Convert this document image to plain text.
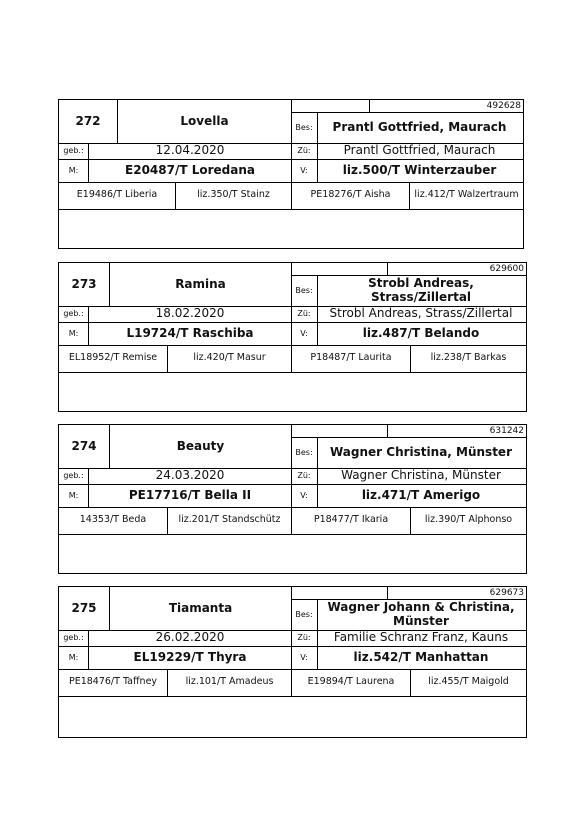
272	Lovella
492628
Bes:	Prantl Gottfried, Maurach
geb.:	12.04.2020	Zü:	Prantl Gottfried, Maurach
M:	E20487/T Loredana	V:	liz.500/T Winterzauber
E19486/T Liberia	liz.350/T Stainz	PE18276/T Aisha	liz.412/T Walzertraum
273	Ramina
629600
Bes:
Strobl Andreas, Strass/Zillertal
geb.:	18.02.2020	Zü:	Strobl Andreas, Strass/Zillertal
M:	L19724/T Raschiba	V:	liz.487/T Belando
EL18952/T Remise	liz.420/T Masur	P18487/T Laurita	liz.238/T Barkas
274	Beauty
631242
Bes:	Wagner Christina, Münster
geb.:	24.03.2020	Zü:	Wagner Christina, Münster
M:	PE17716/T Bella II	V:	liz.471/T Amerigo
14353/T Beda	liz.201/T Standschütz	P18477/T Ikaria	liz.390/T Alphonso
275	Tiamanta
629673
Bes:
Wagner Johann & Christina, Münster
geb.:	26.02.2020	Zü:	Familie Schranz Franz, Kauns
M:	EL19229/T Thyra	V:	liz.542/T Manhattan
PE18476/T Taffney	liz.101/T Amadeus	E19894/T Laurena	liz.455/T Maigold
